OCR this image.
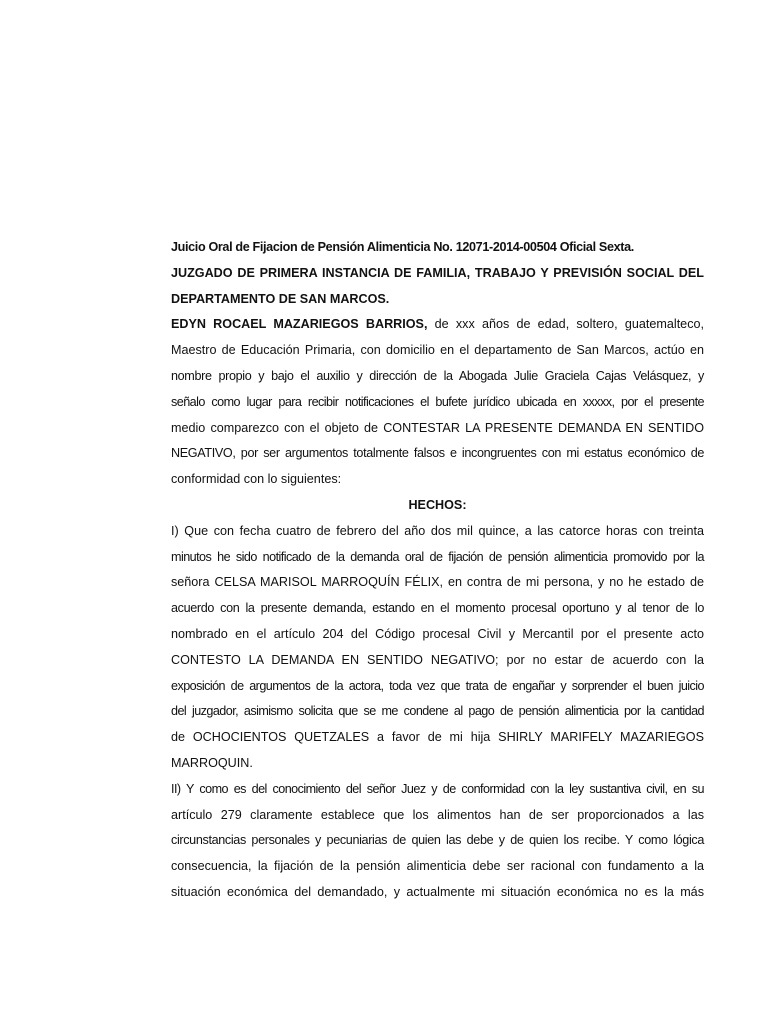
Juicio Oral de Fijacion de Pensión Alimenticia No. 12071-2014-00504 Oficial Sexta.
JUZGADO DE PRIMERA INSTANCIA DE FAMILIA, TRABAJO Y PREVISIÓN SOCIAL DEL
DEPARTAMENTO DE SAN MARCOS.
EDYN ROCAEL MAZARIEGOS BARRIOS, de xxx años de edad, soltero, guatemalteco,
Maestro de Educación Primaria, con domicilio en el departamento de San Marcos, actúo en
nombre propio y bajo el auxilio y dirección de la Abogada Julie Graciela Cajas Velásquez, y
señalo como lugar para recibir notificaciones el bufete jurídico ubicada en xxxxx, por el presente
medio comparezco con el objeto de CONTESTAR LA PRESENTE DEMANDA EN SENTIDO
NEGATIVO, por ser argumentos totalmente falsos e incongruentes con mi estatus económico de
conformidad con lo siguientes:
HECHOS:
I) Que con fecha cuatro de febrero del año dos mil quince, a las catorce horas con treinta
minutos he sido notificado de la demanda oral de fijación de pensión alimenticia promovido por la
señora CELSA MARISOL MARROQUÍN FÉLIX, en contra de mi persona, y no he estado de
acuerdo con la presente demanda, estando en el momento procesal oportuno y al tenor de lo
nombrado en el artículo 204 del Código procesal Civil y Mercantil por el presente acto
CONTESTO LA DEMANDA EN SENTIDO NEGATIVO; por no estar de acuerdo con la
exposición de argumentos de la actora, toda vez que trata de engañar y sorprender el buen juicio
del juzgador, asimismo solicita que se me condene al pago de pensión alimenticia por la cantidad
de OCHOCIENTOS QUETZALES a favor de mi hija SHIRLY MARIFELY MAZARIEGOS
MARROQUIN.
II) Y como es del conocimiento del señor Juez y de conformidad con la ley sustantiva civil, en su
artículo 279 claramente establece que los alimentos han de ser proporcionados a las
circunstancias personales y pecuniarias de quien las debe y de quien los recibe. Y como lógica
consecuencia, la fijación de la pensión alimenticia debe ser racional con fundamento a la
situación económica del demandado, y actualmente mi situación económica no es la más
